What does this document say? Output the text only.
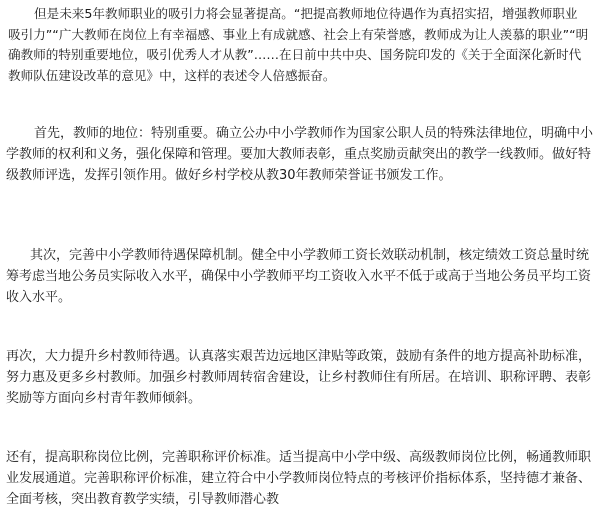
但是未来5年教师职业的吸引力将会显著提高。“把提高教师地位待遇作为真招实招，增强教师职业吸引力”“广大教师在岗位上有幸福感、事业上有成就感、社会上有荣誉感，教师成为让人羡慕的职业”“明确教师的特别重要地位，吸引优秀人才从教”……在日前中共中央、国务院印发的《关于全面深化新时代教师队伍建设改革的意见》中，这样的表述令人倍感振奋。

首先，教师的地位：特别重要。确立公办中小学教师作为国家公职人员的特殊法律地位，明确中小学教师的权利和义务，强化保障和管理。要加大教师表彰，重点奖励贡献突出的教学一线教师。做好特级教师评选，发挥引领作用。做好乡村学校从教30年教师荣誉证书颁发工作。

其次，完善中小学教师待遇保障机制。健全中小学教师工资长效联动机制，核定绩效工资总量时统筹考虑当地公务员实际收入水平，确保中小学教师平均工资收入水平不低于或高于当地公务员平均工资收入水平。

再次，大力提升乡村教师待遇。认真落实艰苦边远地区津贴等政策，鼓励有条件的地方提高补助标准，努力惠及更多乡村教师。加强乡村教师周转宿舍建设，让乡村教师住有所居。在培训、职称评聘、表彰奖励等方面向乡村青年教师倾斜。

还有，提高职称岗位比例，完善职称评价标准。适当提高中小学中级、高级教师岗位比例，畅通教师职业发展通道。完善职称评价标准，建立符合中小学教师岗位特点的考核评价指标体系，坚持德才兼备、全面考核，突出教育教学实绩，引导教师潜心教
